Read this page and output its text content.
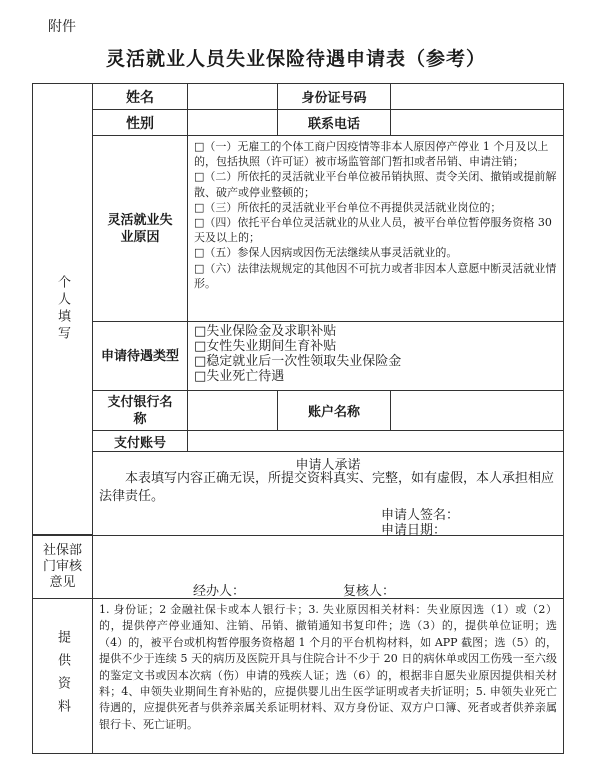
附件
灵活就业人员失业保险待遇申请表（参考）
个人填写
姓名	身份证号码
性别	联系电话
灵活就业失业原因

□（一）无雇工的个体工商户因疫情等非本人原因停产停业 1 个月及以上的，包括执照（许可证）被市场监管部门暂扣或者吊销、申请注销；

□（二）所依托的灵活就业平台单位被吊销执照、责令关闭、撤销或提前解散、破产或停业整顿的；

□（三）所依托的灵活就业平台单位不再提供灵活就业岗位的；

□（四）依托平台单位灵活就业的从业人员，被平台单位暂停服务资格 30 天及以上的；

□（五）参保人因病或因伤无法继续从事灵活就业的。

□（六）法律法规规定的其他因不可抗力或者非因本人意愿中断灵活就业情形。

申请待遇类型
□失业保险金及求职补贴
□女性失业期间生育补贴
□稳定就业后一次性领取失业保险金
□失业死亡待遇
支付银行名称	账户名称
支付账号
申请人承诺
本表填写内容正确无误，所提交资料真实、完整，如有虚假，本人承担相应法律责任。
申请人签名：
申请日期：
社保部门审核意见
经办人：	复核人：
提供资料
1. 身份证；2 金融社保卡或本人银行卡；3. 失业原因相关材料：失业原因选（1）或（2）的，提供停产停业通知、注销、吊销、撤销通知书复印件；选（3）的，提供单位证明；选（4）的，被平台或机构暂停服务资格超 1 个月的平台机构材料，如 APP 截图；选（5）的，提供不少于连续 5 天的病历及医院开具与住院合计不少于 20 日的病休单或因工伤残一至六级的鉴定文书或因本次病（伤）申请的残疾人证；选（6）的，根据非自愿失业原因提供相关材料；4、申领失业期间生育补贴的，应提供婴儿出生医学证明或者夫折证明；5. 申领失业死亡待遇的，应提供死者与供养亲属关系证明材料、双方身份证、双方户口簿、死者或者供养亲属银行卡、死亡证明。
